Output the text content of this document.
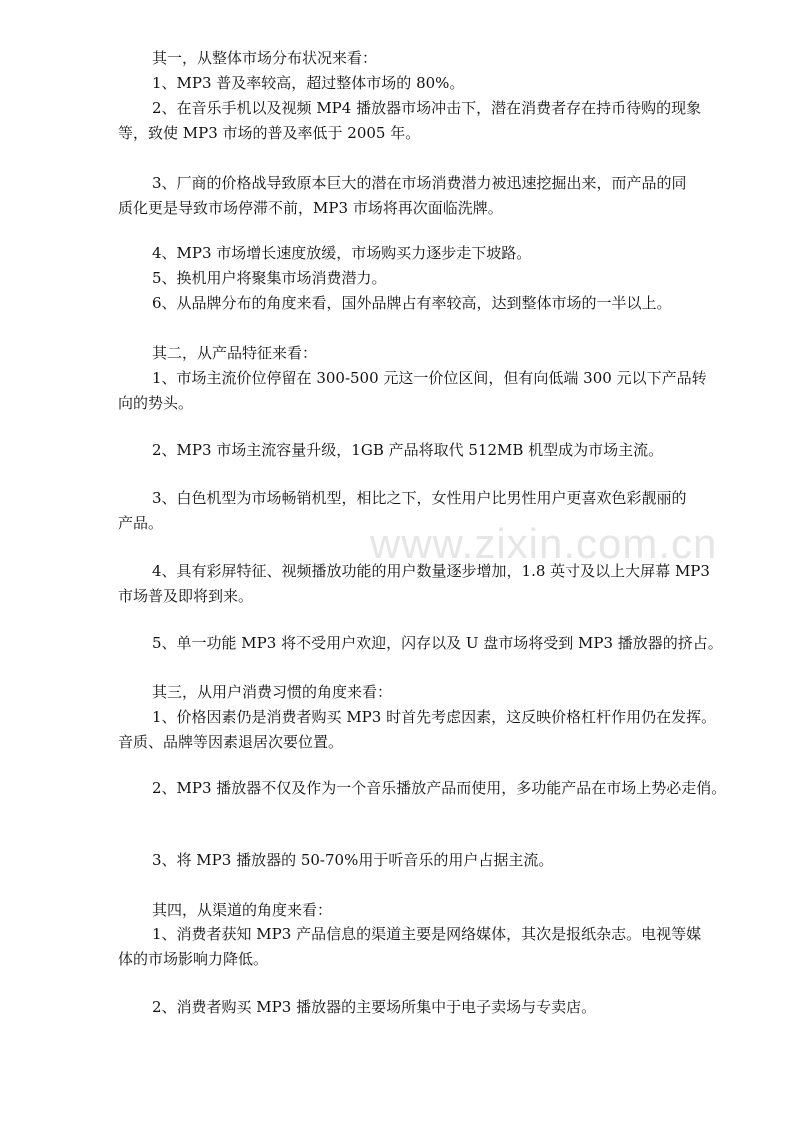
www.zixin.com.cn
其一，从整体市场分布状况来看：
1、MP3 普及率较高，超过整体市场的 80%。
2、在音乐手机以及视频 MP4 播放器市场冲击下，潜在消费者存在持币待购的现象
等，致使 MP3 市场的普及率低于 2005 年。
3、厂商的价格战导致原本巨大的潜在市场消费潜力被迅速挖掘出来，而产品的同
质化更是导致市场停滞不前，MP3 市场将再次面临洗牌。
4、MP3 市场增长速度放缓，市场购买力逐步走下坡路。
5、换机用户将聚集市场消费潜力。
6、从品牌分布的角度来看，国外品牌占有率较高，达到整体市场的一半以上。
其二，从产品特征来看：
1、市场主流价位停留在 300-500 元这一价位区间，但有向低端 300 元以下产品转
向的势头。
2、MP3 市场主流容量升级，1GB 产品将取代 512MB 机型成为市场主流。
3、白色机型为市场畅销机型，相比之下，女性用户比男性用户更喜欢色彩靓丽的
产品。
4、具有彩屏特征、视频播放功能的用户数量逐步增加，1.8 英寸及以上大屏幕 MP3
市场普及即将到来。
5、单一功能 MP3 将不受用户欢迎，闪存以及 U 盘市场将受到 MP3 播放器的挤占。
其三，从用户消费习惯的角度来看：
1、价格因素仍是消费者购买 MP3 时首先考虑因素，这反映价格杠杆作用仍在发挥。
音质、品牌等因素退居次要位置。
2、MP3 播放器不仅及作为一个音乐播放产品而使用，多功能产品在市场上势必走俏。
3、将 MP3 播放器的 50-70%用于听音乐的用户占据主流。
其四，从渠道的角度来看：
1、消费者获知 MP3 产品信息的渠道主要是网络媒体，其次是报纸杂志。电视等媒
体的市场影响力降低。
2、消费者购买 MP3 播放器的主要场所集中于电子卖场与专卖店。
